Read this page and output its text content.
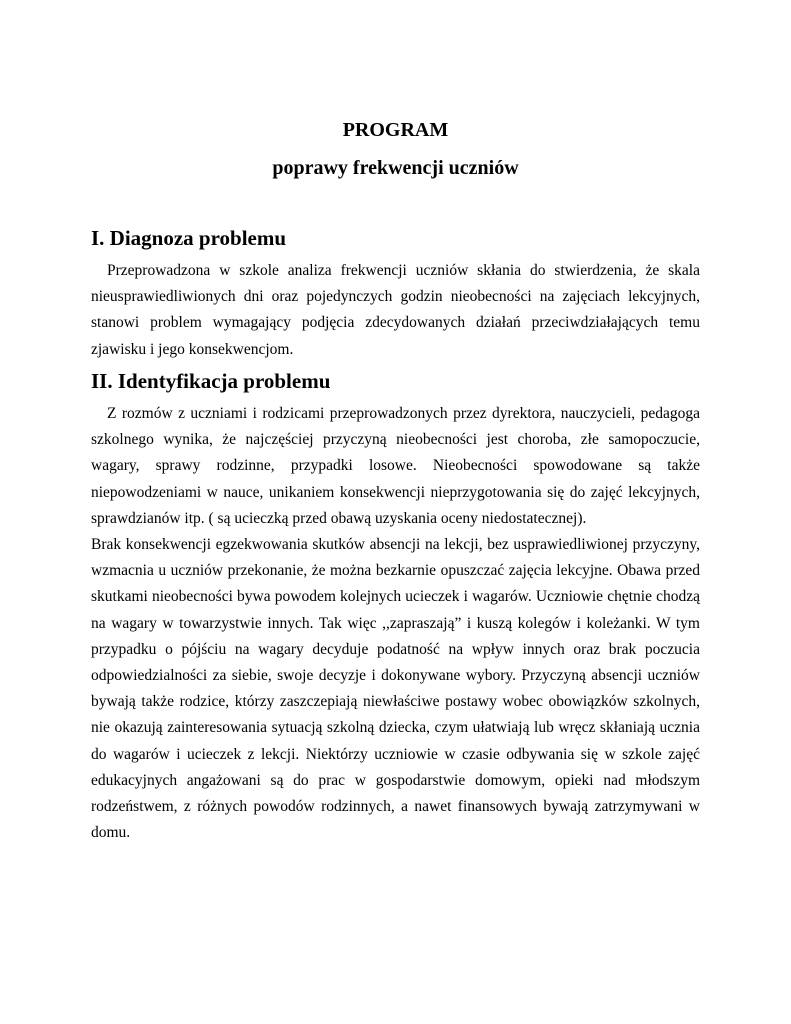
PROGRAM
poprawy frekwencji uczniów
I. Diagnoza problemu

Przeprowadzona w szkole analiza frekwencji uczniów skłania do stwierdzenia, że skala nieusprawiedliwionych dni oraz pojedynczych godzin nieobecności na zajęciach lekcyjnych, stanowi problem wymagający podjęcia zdecydowanych działań przeciwdziałających temu zjawisku i jego konsekwencjom.

II. Identyfikacja problemu

Z rozmów z uczniami i rodzicami przeprowadzonych przez dyrektora, nauczycieli, pedagoga szkolnego wynika, że najczęściej przyczyną nieobecności jest choroba, złe samopoczucie, wagary, sprawy rodzinne, przypadki losowe. Nieobecności spowodowane są także niepowodzeniami w nauce, unikaniem konsekwencji nieprzygotowania się do zajęć lekcyjnych, sprawdzianów itp. ( są ucieczką przed obawą uzyskania oceny niedostatecznej).

Brak konsekwencji egzekwowania skutków absencji na lekcji, bez usprawiedliwionej przyczyny, wzmacnia u uczniów przekonanie, że można bezkarnie opuszczać zajęcia lekcyjne. Obawa przed skutkami nieobecności bywa powodem kolejnych ucieczek i wagarów. Uczniowie chętnie chodzą na wagary w towarzystwie innych. Tak więc ,,zapraszają” i kuszą kolegów i koleżanki. W tym przypadku o pójściu na wagary decyduje podatność na wpływ innych oraz brak poczucia odpowiedzialności za siebie, swoje decyzje i dokonywane wybory. Przyczyną absencji uczniów bywają także rodzice, którzy zaszczepiają niewłaściwe postawy wobec obowiązków szkolnych, nie okazują zainteresowania sytuacją szkolną dziecka, czym ułatwiają lub wręcz skłaniają ucznia do wagarów i ucieczek z lekcji. Niektórzy uczniowie w czasie odbywania się w szkole zajęć edukacyjnych angażowani są do prac w gospodarstwie domowym, opieki nad młodszym rodzeństwem, z różnych powodów rodzinnych, a nawet finansowych bywają zatrzymywani w domu.
